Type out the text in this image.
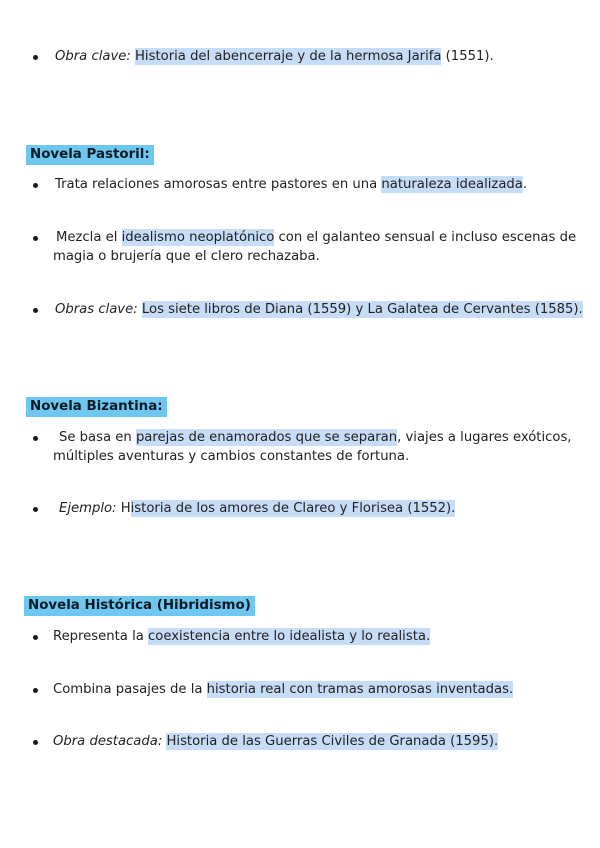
Obra clave: Historia del abencerraje y de la hermosa Jarifa (1551).
Novela Pastoril:
Trata relaciones amorosas entre pastores en una naturaleza idealizada.
Mezcla el idealismo neoplatónico con el galanteo sensual e incluso escenas de
magia o brujería que el clero rechazaba.
Obras clave: Los siete libros de Diana (1559) y La Galatea de Cervantes (1585).
Novela Bizantina:
Se basa en parejas de enamorados que se separan, viajes a lugares exóticos,
múltiples aventuras y cambios constantes de fortuna.
Ejemplo: Historia de los amores de Clareo y Florisea (1552).
Novela Histórica (Hibridismo)
Representa la coexistencia entre lo idealista y lo realista.
Combina pasajes de la historia real con tramas amorosas inventadas.
Obra destacada: Historia de las Guerras Civiles de Granada (1595).
